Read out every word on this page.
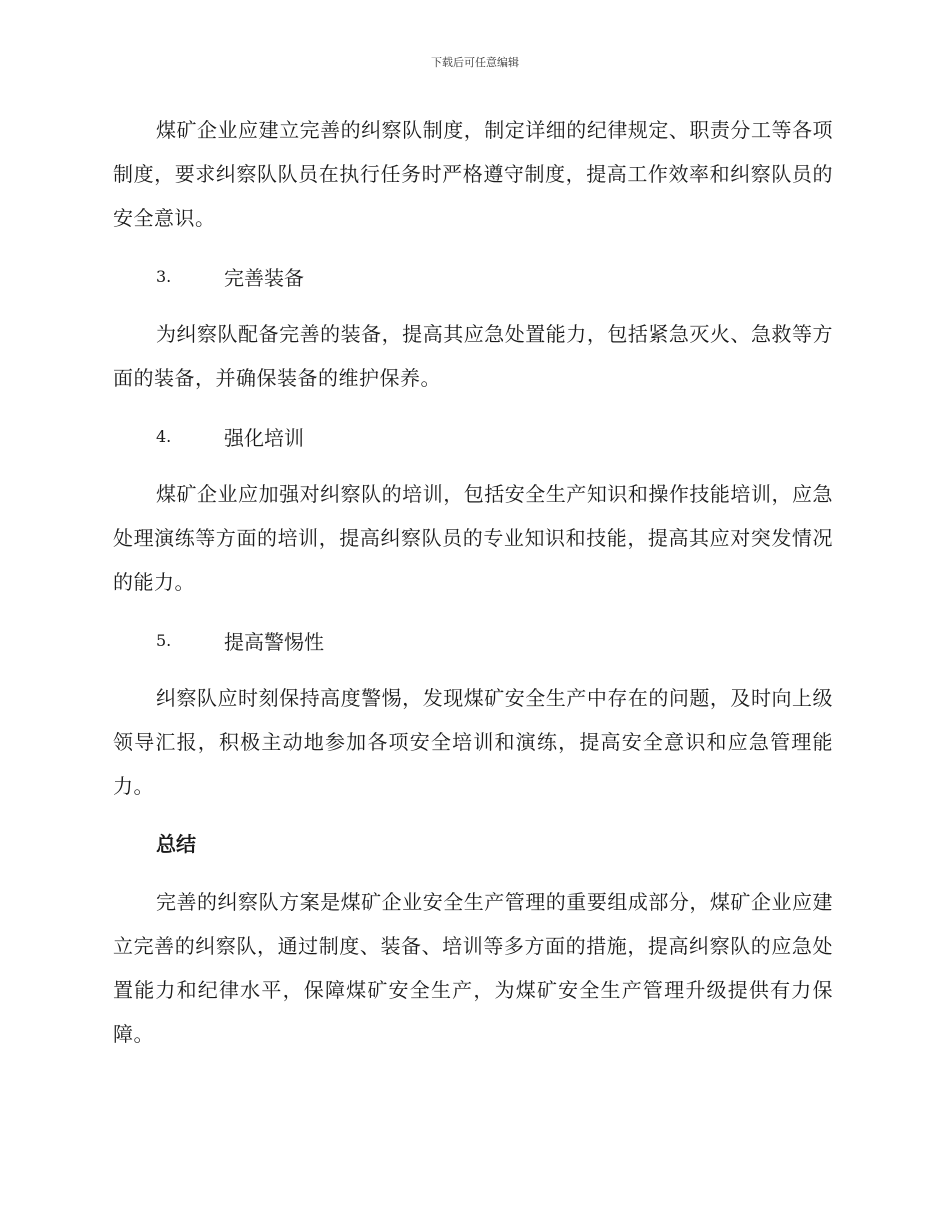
下载后可任意编辑

煤矿企业应建立完善的纠察队制度，制定详细的纪律规定、职责分工等各项制度，要求纠察队队员在执行任务时严格遵守制度，提高工作效率和纠察队员的安全意识。

3.	完善装备

为纠察队配备完善的装备，提高其应急处置能力，包括紧急灭火、急救等方面的装备，并确保装备的维护保养。

4.	强化培训

煤矿企业应加强对纠察队的培训，包括安全生产知识和操作技能培训，应急处理演练等方面的培训，提高纠察队员的专业知识和技能，提高其应对突发情况的能力。

5.	提高警惕性

纠察队应时刻保持高度警惕，发现煤矿安全生产中存在的问题，及时向上级领导汇报，积极主动地参加各项安全培训和演练，提高安全意识和应急管理能力。

总结

完善的纠察队方案是煤矿企业安全生产管理的重要组成部分，煤矿企业应建立完善的纠察队，通过制度、装备、培训等多方面的措施，提高纠察队的应急处置能力和纪律水平，保障煤矿安全生产，为煤矿安全生产管理升级提供有力保障。
